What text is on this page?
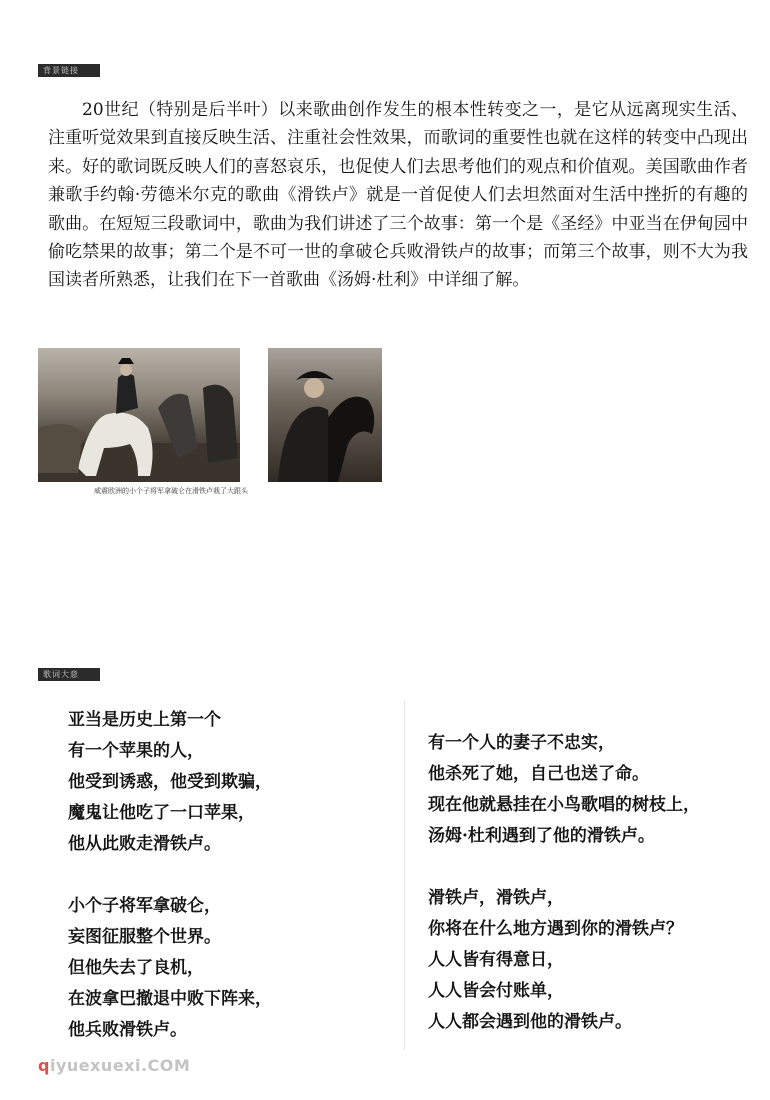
背景链接

20世纪（特别是后半叶）以来歌曲创作发生的根本性转变之一，是它从远离现实生活、注重听觉效果到直接反映生活、注重社会性效果，而歌词的重要性也就在这样的转变中凸现出来。好的歌词既反映人们的喜怒哀乐，也促使人们去思考他们的观点和价值观。美国歌曲作者兼歌手约翰·劳德米尔克的歌曲《滑铁卢》就是一首促使人们去坦然面对生活中挫折的有趣的歌曲。在短短三段歌词中，歌曲为我们讲述了三个故事：第一个是《圣经》中亚当在伊甸园中偷吃禁果的故事；第二个是不可一世的拿破仑兵败滑铁卢的故事；而第三个故事，则不大为我国读者所熟悉，让我们在下一首歌曲《汤姆·杜利》中详细了解。

威震欧洲的小个子将军拿破仑在滑铁卢栽了大跟头
歌词大意
亚当是历史上第一个
有一个苹果的人，
他受到诱惑，他受到欺骗，
魔鬼让他吃了一口苹果，
他从此败走滑铁卢。
小个子将军拿破仑，
妄图征服整个世界。
但他失去了良机，
在波拿巴撤退中败下阵来，
他兵败滑铁卢。
有一个人的妻子不忠实，
他杀死了她，自己也送了命。
现在他就悬挂在小鸟歌唱的树枝上，
汤姆·杜利遇到了他的滑铁卢。
滑铁卢，滑铁卢，
你将在什么地方遇到你的滑铁卢？
人人皆有得意日，
人人皆会付账单，
人人都会遇到他的滑铁卢。
qiyuexuexi.COM
